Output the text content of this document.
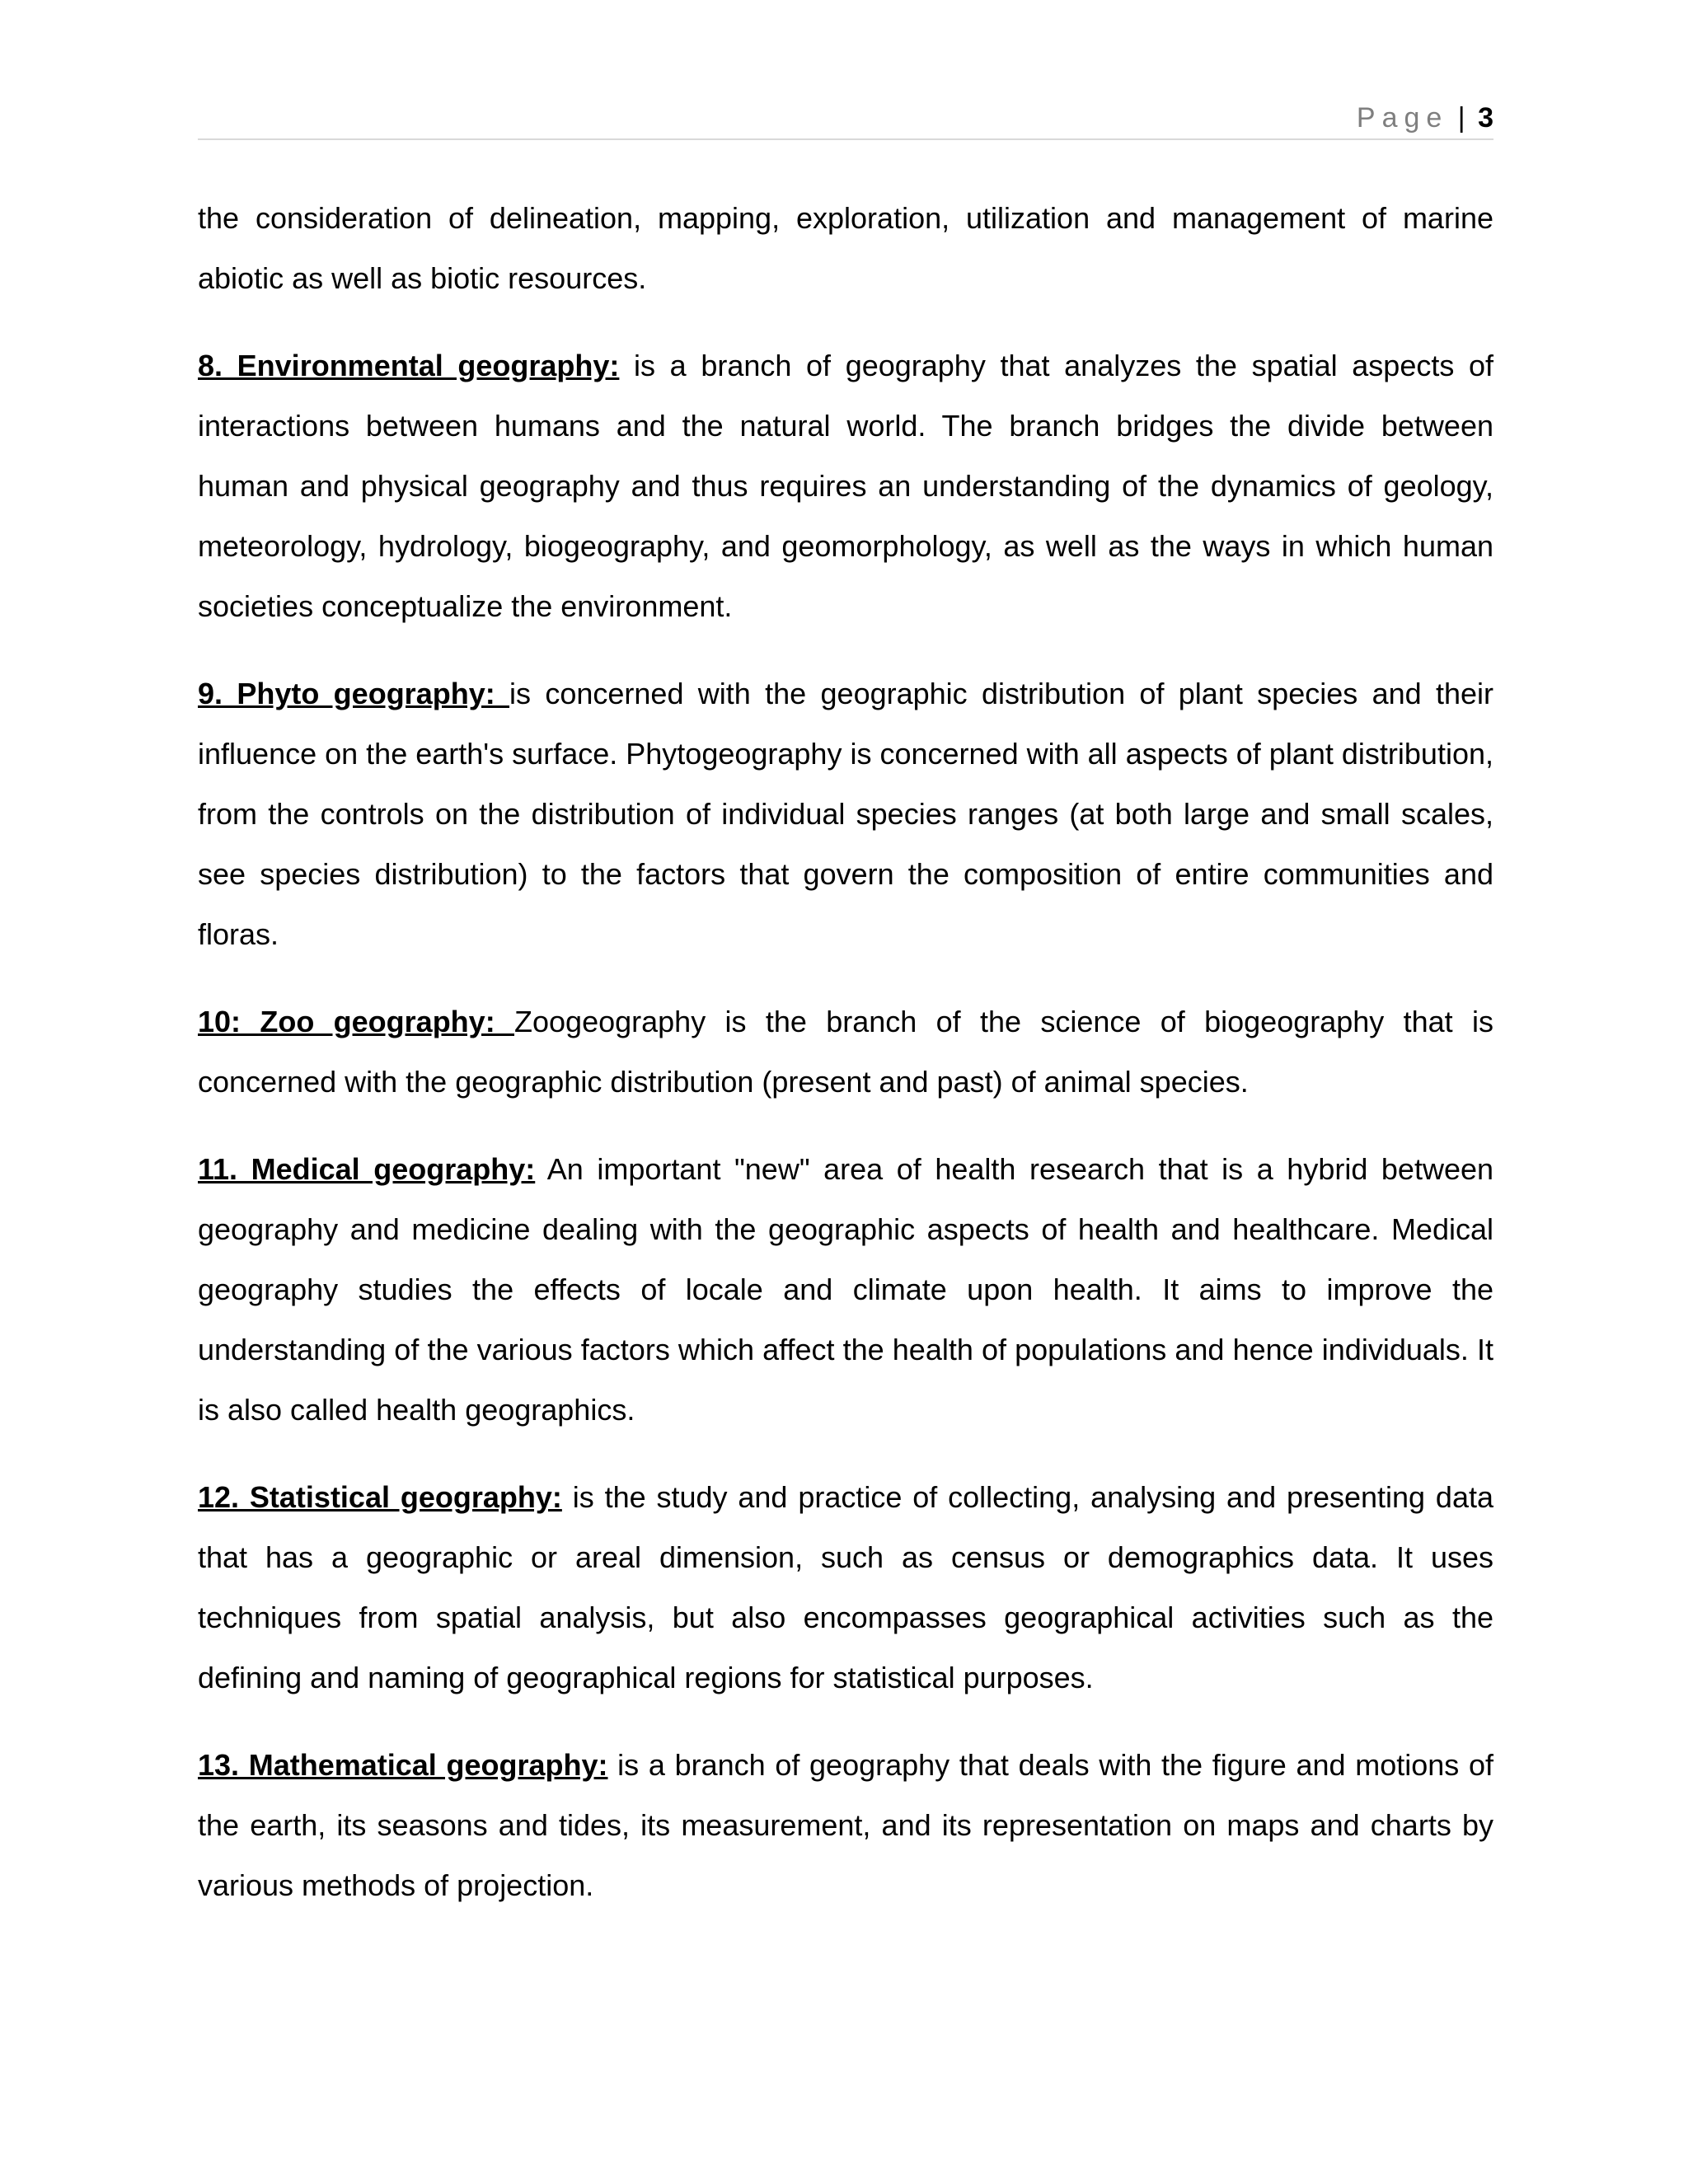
Page | 3

the consideration of delineation, mapping, exploration, utilization and management of marine abiotic as well as biotic resources.

8. Environmental geography: is a branch of geography that analyzes the spatial aspects of interactions between humans and the natural world. The branch bridges the divide between human and physical geography and thus requires an understanding of the dynamics of geology, meteorology, hydrology, biogeography, and geomorphology, as well as the ways in which human societies conceptualize the environment.

9. Phyto geography: is concerned with the geographic distribution of plant species and their influence on the earth's surface. Phytogeography is concerned with all aspects of plant distribution, from the controls on the distribution of individual species ranges (at both large and small scales, see species distribution) to the factors that govern the composition of entire communities and floras.

10: Zoo geography: Zoogeography is the branch of the science of biogeography that is concerned with the geographic distribution (present and past) of animal species.

11. Medical geography: An important "new" area of health research that is a hybrid between geography and medicine dealing with the geographic aspects of health and healthcare. Medical geography studies the effects of locale and climate upon health. It aims to improve the understanding of the various factors which affect the health of populations and hence individuals. It is also called health geographics.

12. Statistical geography: is the study and practice of collecting, analysing and presenting data that has a geographic or areal dimension, such as census or demographics data. It uses techniques from spatial analysis, but also encompasses geographical activities such as the defining and naming of geographical regions for statistical purposes.

13. Mathematical geography: is a branch of geography that deals with the figure and motions of the earth, its seasons and tides, its measurement, and its representation on maps and charts by various methods of projection.
